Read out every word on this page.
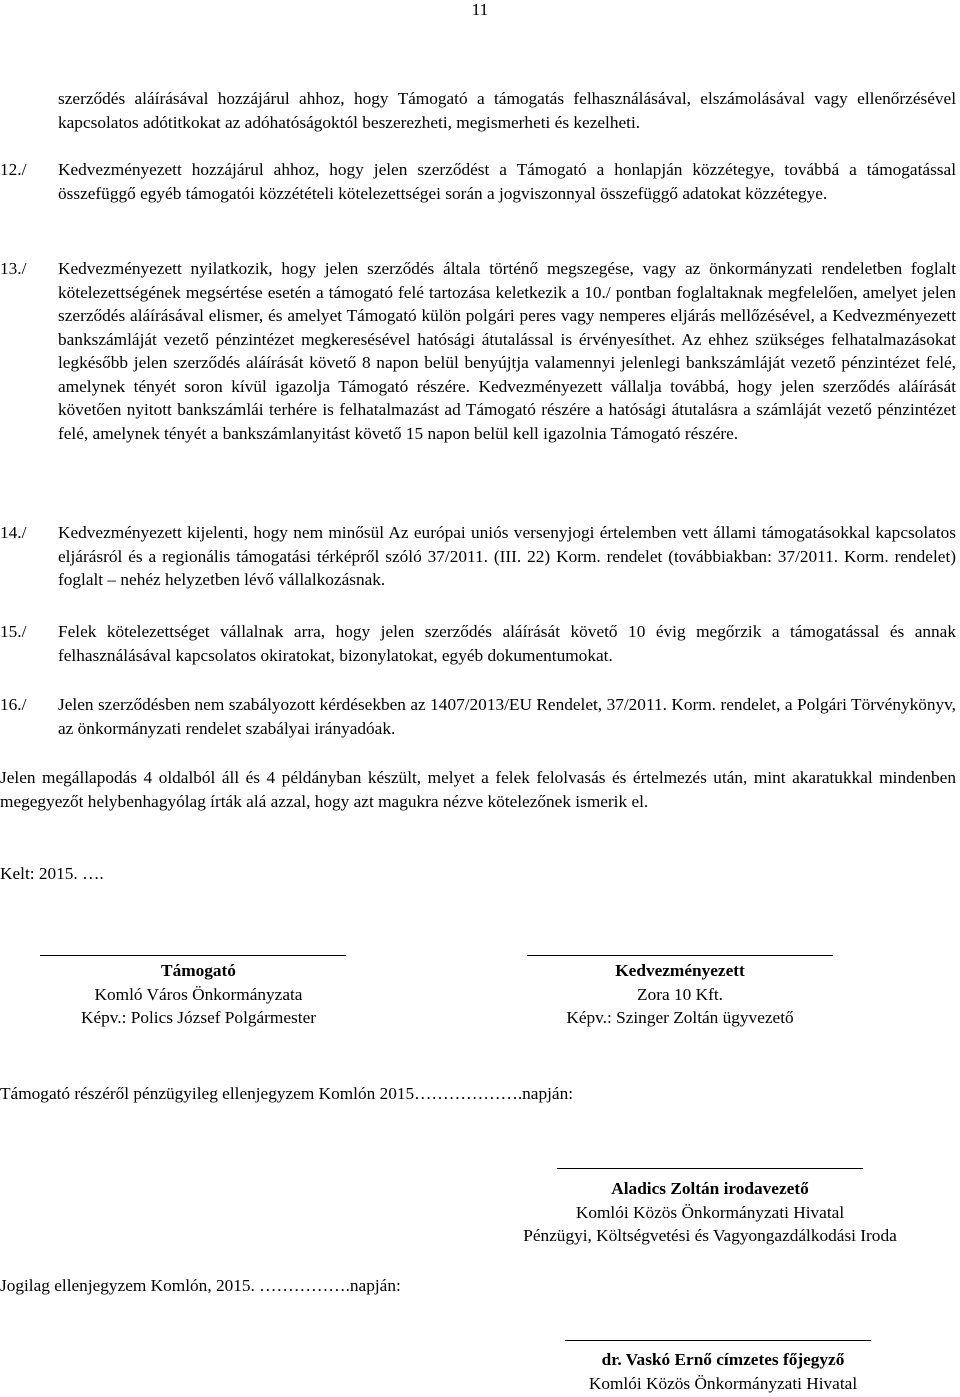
11
szerződés aláírásával hozzájárul ahhoz, hogy Támogató a támogatás felhasználásával, elszámolásával vagy ellenőrzésével kapcsolatos adótitkokat az adóhatóságoktól beszerezheti, megismerheti és kezelheti.
12./ Kedvezményezett hozzájárul ahhoz, hogy jelen szerződést a Támogató a honlapján közzétegye, továbbá a támogatással összefüggő egyéb támogatói közzétételi kötelezettségei során a jogviszonnyal összefüggő adatokat közzétegye.
13./ Kedvezményezett nyilatkozik, hogy jelen szerződés általa történő megszegése, vagy az önkormányzati rendeletben foglalt kötelezettségének megsértése esetén a támogató felé tartozása keletkezik a 10./ pontban foglaltaknak megfelelően, amelyet jelen szerződés aláírásával elismer, és amelyet Támogató külön polgári peres vagy nemperes eljárás mellőzésével, a Kedvezményezett bankszámláját vezető pénzintézet megkeresésével hatósági átutalással is érvényesíthet. Az ehhez szükséges felhatalmazásokat legkésőbb jelen szerződés aláírását követő 8 napon belül benyújtja valamennyi jelenlegi bankszámláját vezető pénzintézet felé, amelynek tényét soron kívül igazolja Támogató részére. Kedvezményezett vállalja továbbá, hogy jelen szerződés aláírását követően nyitott bankszámlái terhére is felhatalmazást ad Támogató részére a hatósági átutalásra a számláját vezető pénzintézet felé, amelynek tényét a bankszámlanyitást követő 15 napon belül kell igazolnia Támogató részére.
14./ Kedvezményezett kijelenti, hogy nem minősül Az európai uniós versenyjogi értelemben vett állami támogatásokkal kapcsolatos eljárásról és a regionális támogatási térképről szóló 37/2011. (III. 22) Korm. rendelet (továbbiakban: 37/2011. Korm. rendelet) foglalt – nehéz helyzetben lévő vállalkozásnak.
15./ Felek kötelezettséget vállalnak arra, hogy jelen szerződés aláírását követő 10 évig megőrzik a támogatással és annak felhasználásával kapcsolatos okiratokat, bizonylatokat, egyéb dokumentumokat.
16./ Jelen szerződésben nem szabályozott kérdésekben az 1407/2013/EU Rendelet, 37/2011. Korm. rendelet, a Polgári Törvénykönyv, az önkormányzati rendelet szabályai irányadóak.
Jelen megállapodás 4 oldalból áll és 4 példányban készült, melyet a felek felolvasás és értelmezés után, mint akaratukkal mindenben megegyezőt helybenhagyólag írták alá azzal, hogy azt magukra nézve kötelezőnek ismerik el.
Kelt: 2015. ….
Támogató
Komló Város Önkormányzata
Képv.: Polics József Polgármester
Kedvezményezett
Zora 10 Kft.
Képv.: Szinger Zoltán ügyvezető
Támogató részéről pénzügyileg ellenjegyzem Komlón 2015……………….napján:
Aladics Zoltán irodavezető
Komlói Közös Önkormányzati Hivatal
Pénzügyi, Költségvetési és Vagyongazdálkodási Iroda
Jogilag ellenjegyzem Komlón, 2015. …………….napján:
dr. Vaskó Ernő címzetes főjegyző
Komlói Közös Önkormányzati Hivatal
